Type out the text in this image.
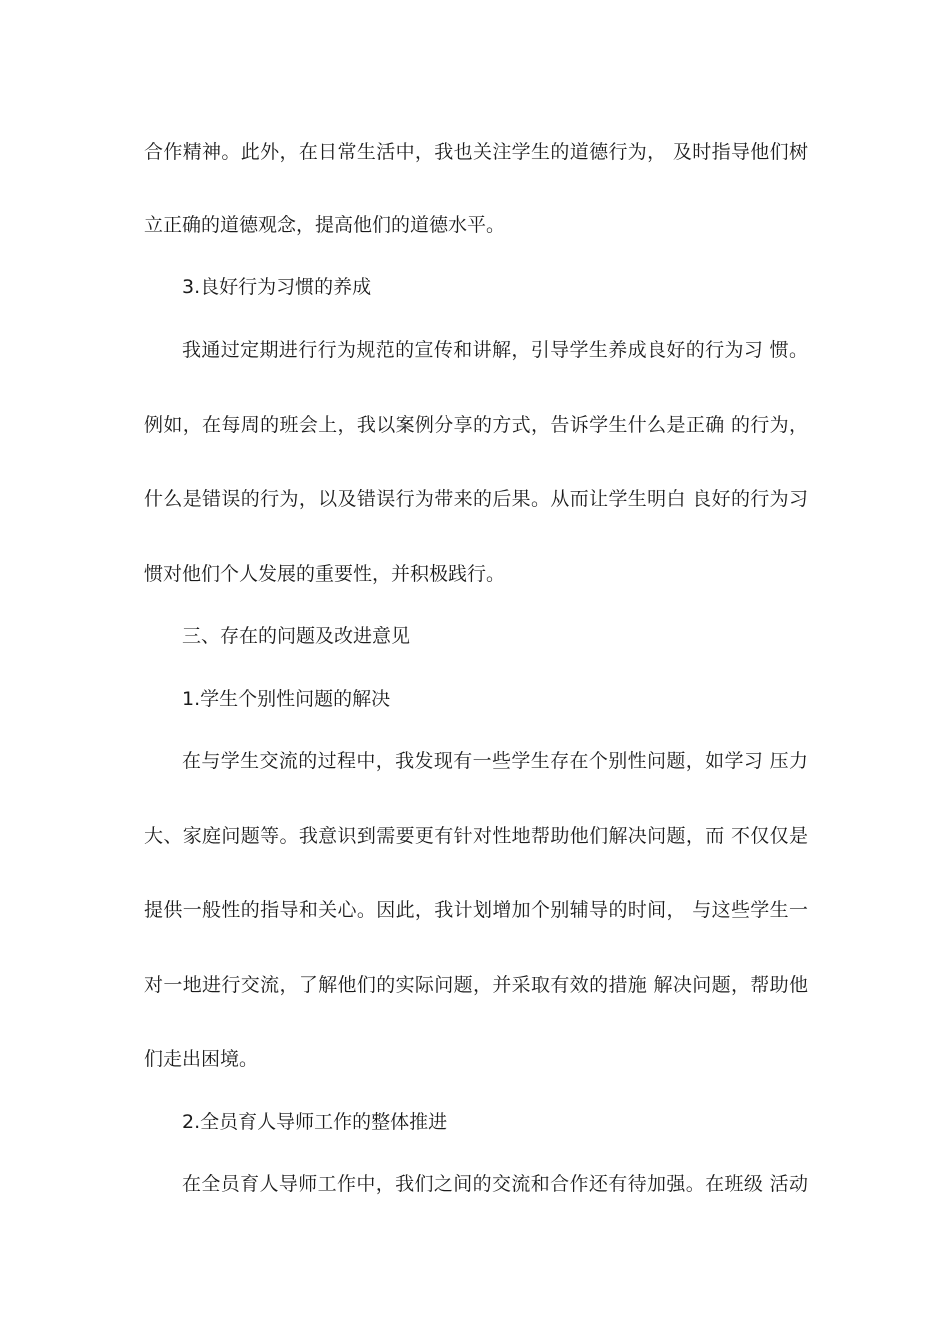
合作精神。此外，在日常生活中，我也关注学生的道德行为， 及时指导他们树
立正确的道德观念，提高他们的道德水平。
3.良好行为习惯的养成
我通过定期进行行为规范的宣传和讲解，引导学生养成良好的行为习 惯。
例如，在每周的班会上，我以案例分享的方式，告诉学生什么是正确 的行为，
什么是错误的行为，以及错误行为带来的后果。从而让学生明白 良好的行为习
惯对他们个人发展的重要性，并积极践行。
三、存在的问题及改进意见
1.学生个别性问题的解决
在与学生交流的过程中，我发现有一些学生存在个别性问题，如学习 压力
大、家庭问题等。我意识到需要更有针对性地帮助他们解决问题，而 不仅仅是
提供一般性的指导和关心。因此，我计划增加个别辅导的时间， 与这些学生一
对一地进行交流，了解他们的实际问题，并采取有效的措施 解决问题，帮助他
们走出困境。
2.全员育人导师工作的整体推进
在全员育人导师工作中，我们之间的交流和合作还有待加强。在班级 活动
